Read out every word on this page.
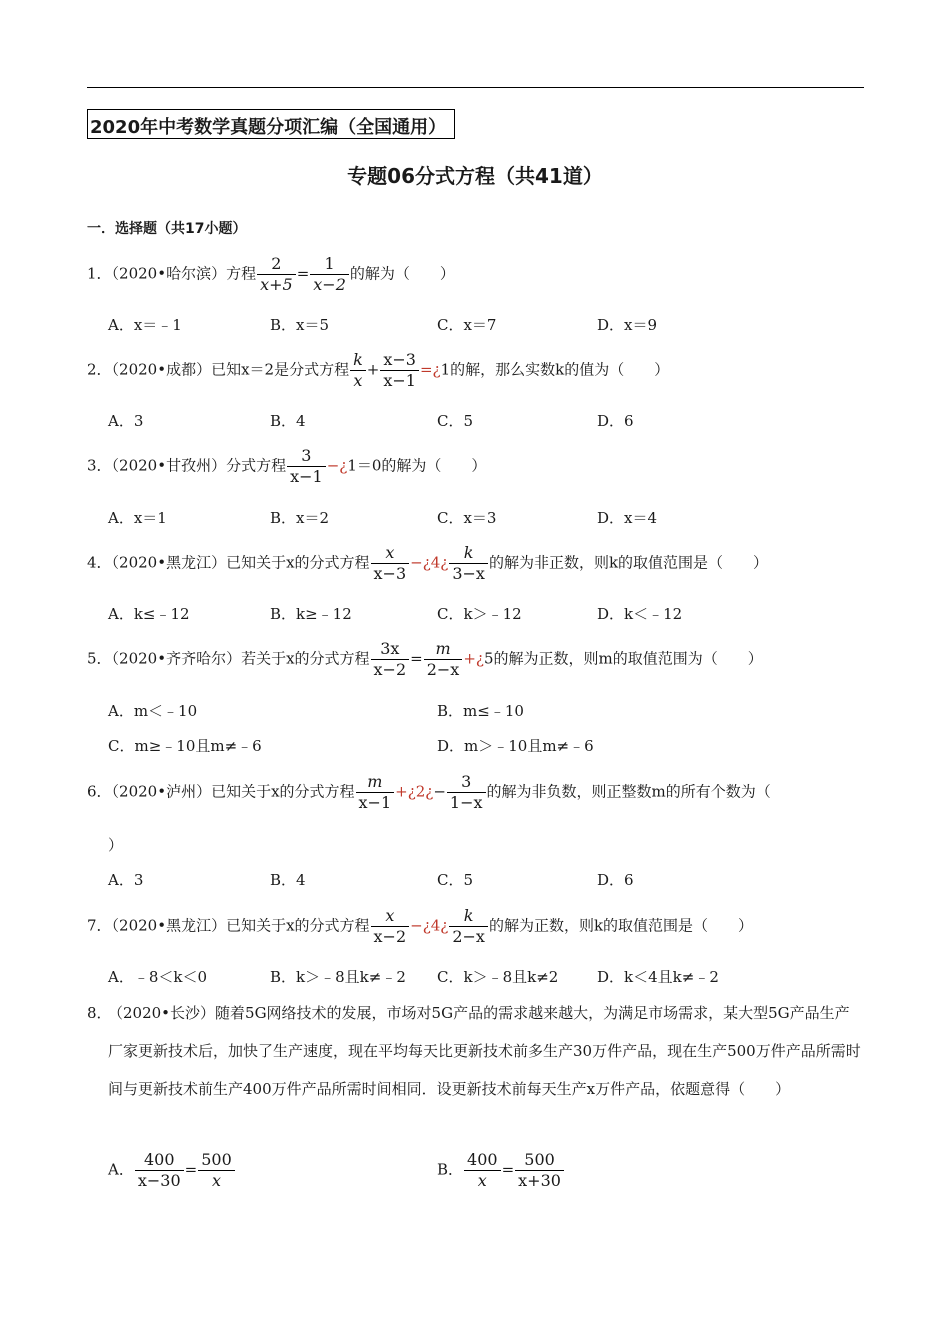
2020年中考数学真题分项汇编（全国通用）
专题06分式方程（共41道）
一．选择题（共17小题）
1．（2020•哈尔滨）方程 $\frac{2}{x+5} = \frac{1}{x-2}$ 的解为（　　）
A．x＝﹣1	B．x＝5	C．x＝7	D．x＝9
2．（2020•成都）已知x＝2是分式方程 $\frac{k}{x} + \frac{x-3}{x-1}$ =¿1的解，那么实数k的值为（　　）
A．3	B．4	C．5	D．6
3．（2020•甘孜州）分式方程 $\frac{3}{x-1}$ −¿1＝0的解为（　　）
A．x＝1	B．x＝2	C．x＝3	D．x＝4
4．（2020•黑龙江）已知关于x的分式方程 $\frac{x}{x-3}$ −¿4¿ $\frac{k}{3-x}$ 的解为非正数，则k的取值范围是（　　）
A．k≤﹣12	B．k≥﹣12	C．k＞﹣12	D．k＜﹣12
5．（2020•齐齐哈尔）若关于x的分式方程 $\frac{3x}{x-2} = \frac{m}{2-x}$ +¿5的解为正数，则m的取值范围为（　　）
A．m＜﹣10	B．m≤﹣10
C．m≥﹣10且m≠﹣6	D．m＞﹣10且m≠﹣6
6．（2020•泸州）已知关于x的分式方程 $\frac{m}{x-1}$ +¿2¿− $\frac{3}{1-x}$ 的解为非负数，则正整数m的所有个数为（
）
A．3	B．4	C．5	D．6
7．（2020•黑龙江）已知关于x的分式方程 $\frac{x}{x-2}$ −¿4¿ $\frac{k}{2-x}$ 的解为正数，则k的取值范围是（　　）
A．﹣8＜k＜0	B．k＞﹣8且k≠﹣2 C．k＞﹣8且k≠2	D．k＜4且k≠﹣2
8．
（2020•长沙）随着5G网络技术的发展，市场对5G产品的需求越来越大，为满足市场需求，某大型5G产品生产厂家更新技术后，加快了生产速度，现在平均每天比更新技术前多生产30万件产品，现在生产500万件产品所需时间与更新技术前生产400万件产品所需时间相同．设更新技术前每天生产x万件产品，依题意得（　　）
A． $\frac{400}{x-30} = \frac{500}{x}$	B． $\frac{400}{x} = \frac{500}{x+30}$
